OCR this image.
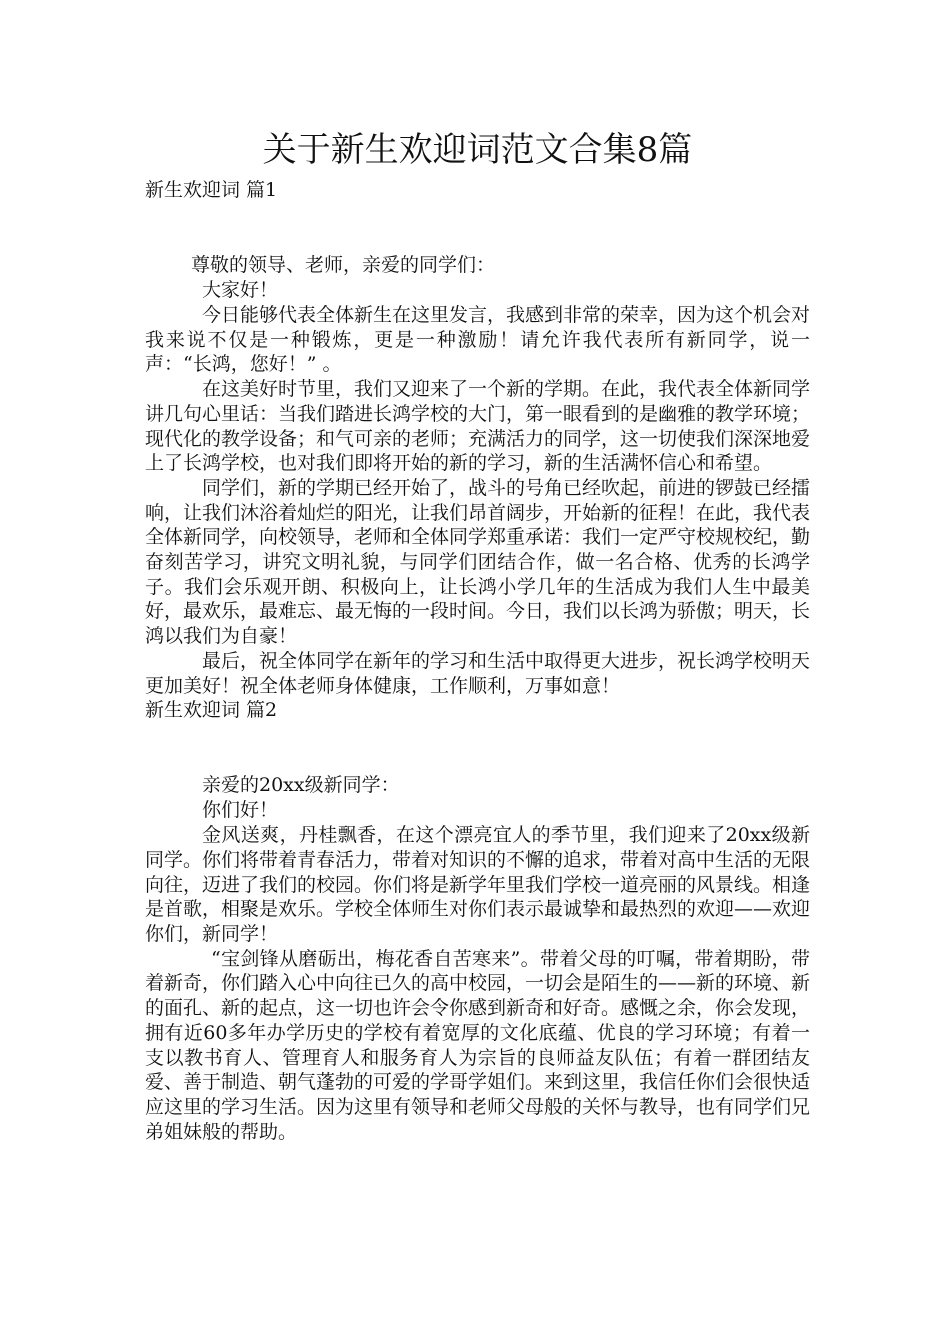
关于新生欢迎词范文合集8篇

新生欢迎词 篇1

尊敬的领导、老师，亲爱的同学们：

大家好！

今日能够代表全体新生在这里发言，我感到非常的荣幸，因为这个机会对我来说不仅是一种锻炼，更是一种激励！请允许我代表所有新同学，说一声：“长鸿，您好！” 。

在这美好时节里，我们又迎来了一个新的学期。在此，我代表全体新同学讲几句心里话：当我们踏进长鸿学校的大门，第一眼看到的是幽雅的教学环境；现代化的教学设备；和气可亲的老师；充满活力的同学，这一切使我们深深地爱上了长鸿学校，也对我们即将开始的新的学习，新的生活满怀信心和希望。

同学们，新的学期已经开始了，战斗的号角已经吹起，前进的锣鼓已经擂响，让我们沐浴着灿烂的阳光，让我们昂首阔步，开始新的征程！在此，我代表全体新同学，向校领导，老师和全体同学郑重承诺：我们一定严守校规校纪，勤奋刻苦学习，讲究文明礼貌，与同学们团结合作，做一名合格、优秀的长鸿学子。我们会乐观开朗、积极向上，让长鸿小学几年的生活成为我们人生中最美好，最欢乐，最难忘、最无悔的一段时间。今日，我们以长鸿为骄傲；明天，长鸿以我们为自豪！

最后，祝全体同学在新年的学习和生活中取得更大进步，祝长鸿学校明天更加美好！祝全体老师身体健康，工作顺利，万事如意！

新生欢迎词 篇2

亲爱的20xx级新同学：

你们好！

金风送爽，丹桂飘香，在这个漂亮宜人的季节里，我们迎来了20xx级新同学。你们将带着青春活力，带着对知识的不懈的追求，带着对高中生活的无限向往，迈进了我们的校园。你们将是新学年里我们学校一道亮丽的风景线。相逢是首歌，相聚是欢乐。学校全体师生对你们表示最诚挚和最热烈的欢迎——欢迎你们，新同学！

“宝剑锋从磨砺出，梅花香自苦寒来”。带着父母的叮嘱，带着期盼，带着新奇，你们踏入心中向往已久的高中校园，一切会是陌生的——新的环境、新的面孔、新的起点，这一切也许会令你感到新奇和好奇。感慨之余，你会发现，拥有近60多年办学历史的学校有着宽厚的文化底蕴、优良的学习环境；有着一支以教书育人、管理育人和服务育人为宗旨的良师益友队伍；有着一群团结友爱、善于制造、朝气蓬勃的可爱的学哥学姐们。来到这里，我信任你们会很快适应这里的学习生活。因为这里有领导和老师父母般的关怀与教导，也有同学们兄弟姐妹般的帮助。
